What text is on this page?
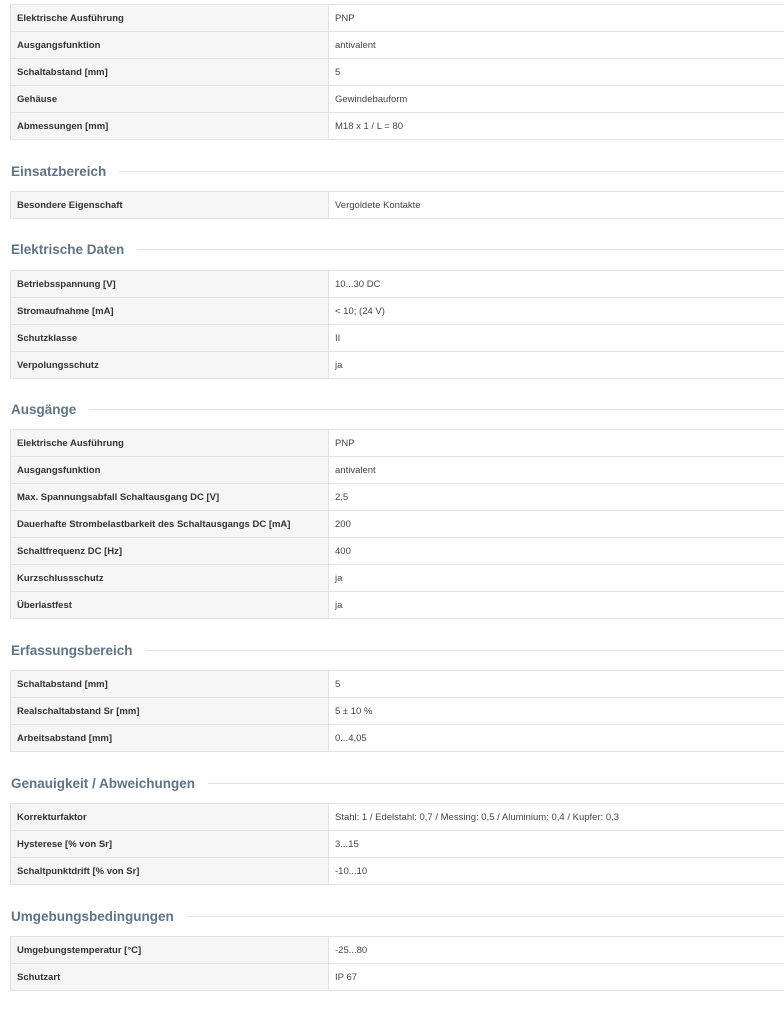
Elektrische Ausführung	PNP
Ausgangsfunktion	antivalent
Schaltabstand [mm]	5
Gehäuse	Gewindebauform
Abmessungen [mm]	M18 x 1 / L = 80
Einsatzbereich
Besondere Eigenschaft	Vergoldete Kontakte
Elektrische Daten
Betriebsspannung [V]	10...30 DC
Stromaufnahme [mA]	< 10; (24 V)
Schutzklasse	II
Verpolungsschutz	ja
Ausgänge
Elektrische Ausführung	PNP
Ausgangsfunktion	antivalent
Max. Spannungsabfall Schaltausgang DC [V]	2,5
Dauerhafte Strombelastbarkeit des Schaltausgangs DC [mA]	200
Schaltfrequenz DC [Hz]	400
Kurzschlussschutz	ja
Überlastfest	ja
Erfassungsbereich
Schaltabstand [mm]	5
Realschaltabstand Sr [mm]	5 ± 10 %
Arbeitsabstand [mm]	0...4,05
Genauigkeit / Abweichungen
Korrekturfaktor	Stahl: 1 / Edelstahl: 0,7 / Messing: 0,5 / Aluminium: 0,4 / Kupfer: 0,3
Hysterese [% von Sr]	3...15
Schaltpunktdrift [% von Sr]	-10...10
Umgebungsbedingungen
Umgebungstemperatur [°C]	-25...80
Schutzart	IP 67
